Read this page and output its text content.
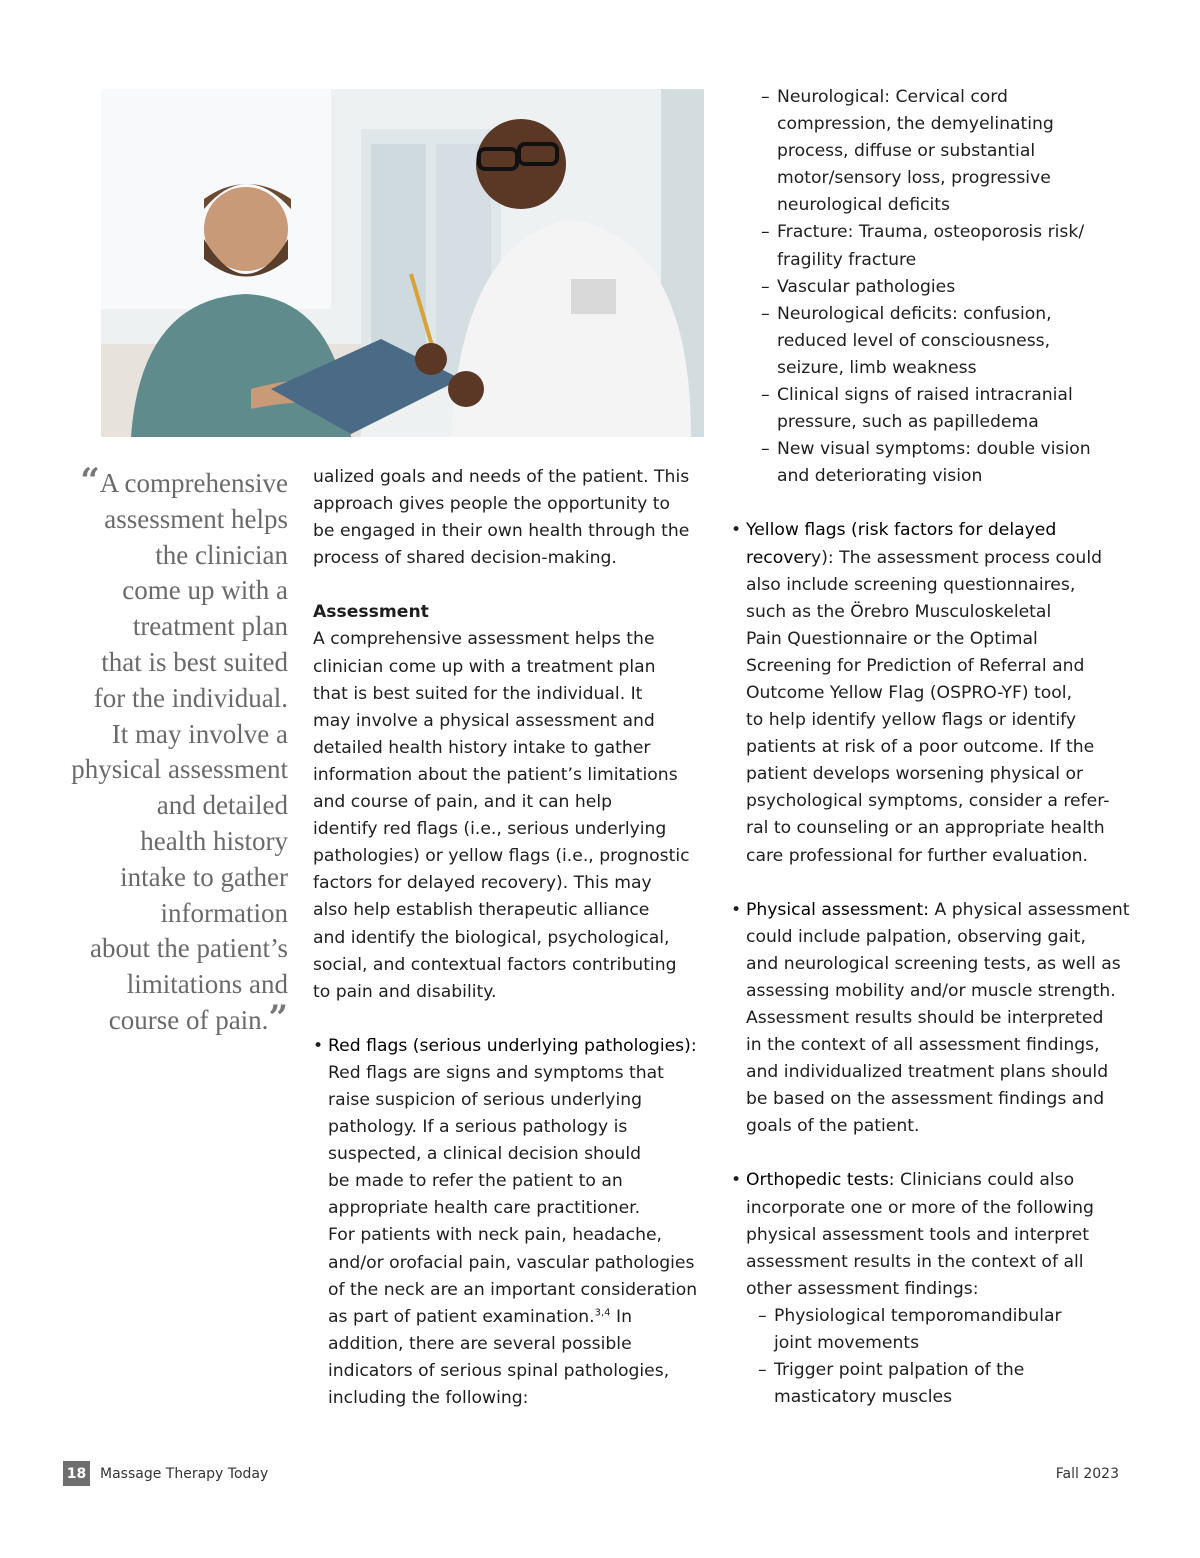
“A comprehensive
assessment helps
the clinician
come up with a
treatment plan
that is best suited
for the individual.
It may involve a
physical assessment
and detailed
health history
intake to gather
information
about the patient’s
limitations and
course of pain.”

ualized goals and needs of the patient. This

approach gives people the opportunity to

be engaged in their own health through the

process of shared decision-making.

Assessment

A comprehensive assessment helps the

clinician come up with a treatment plan

that is best suited for the individual. It

may involve a physical assessment and

detailed health history intake to gather

information about the patient’s limitations

and course of pain, and it can help

identify red flags (i.e., serious underlying

pathologies) or yellow flags (i.e., prognostic

factors for delayed recovery). This may

also help establish therapeutic alliance

and identify the biological, psychological,

social, and contextual factors contributing

to pain and disability.

• Red flags (serious underlying pathologies):

Red flags are signs and symptoms that

raise suspicion of serious underlying

pathology. If a serious pathology is

suspected, a clinical decision should

be made to refer the patient to an

appropriate health care practitioner.

For patients with neck pain, headache,

and/or orofacial pain, vascular pathologies

of the neck are an important consideration

as part of patient examination.$^{3,4}$ In

addition, there are several possible

indicators of serious spinal pathologies,

including the following:

– Neurological: Cervical cord

compression, the demyelinating

process, diffuse or substantial

motor/sensory loss, progressive

neurological deficits

– Fracture: Trauma, osteoporosis risk/

fragility fracture

– Vascular pathologies

– Neurological deficits: confusion,

reduced level of consciousness,

seizure, limb weakness

– Clinical signs of raised intracranial

pressure, such as papilledema

– New visual symptoms: double vision

and deteriorating vision

• Yellow flags (risk factors for delayed

recovery): The assessment process could

also include screening questionnaires,

such as the Örebro Musculoskeletal

Pain Questionnaire or the Optimal

Screening for Prediction of Referral and

Outcome Yellow Flag (OSPRO-YF) tool,

to help identify yellow flags or identify

patients at risk of a poor outcome. If the

patient develops worsening physical or

psychological symptoms, consider a refer-

ral to counseling or an appropriate health

care professional for further evaluation.

• Physical assessment: A physical assessment

could include palpation, observing gait,

and neurological screening tests, as well as

assessing mobility and/or muscle strength.

Assessment results should be interpreted

in the context of all assessment findings,

and individualized treatment plans should

be based on the assessment findings and

goals of the patient.

• Orthopedic tests: Clinicians could also

incorporate one or more of the following

physical assessment tools and interpret

assessment results in the context of all

other assessment findings:

– Physiological temporomandibular

joint movements

– Trigger point palpation of the

masticatory muscles

18 Massage Therapy Today	Fall 2023
